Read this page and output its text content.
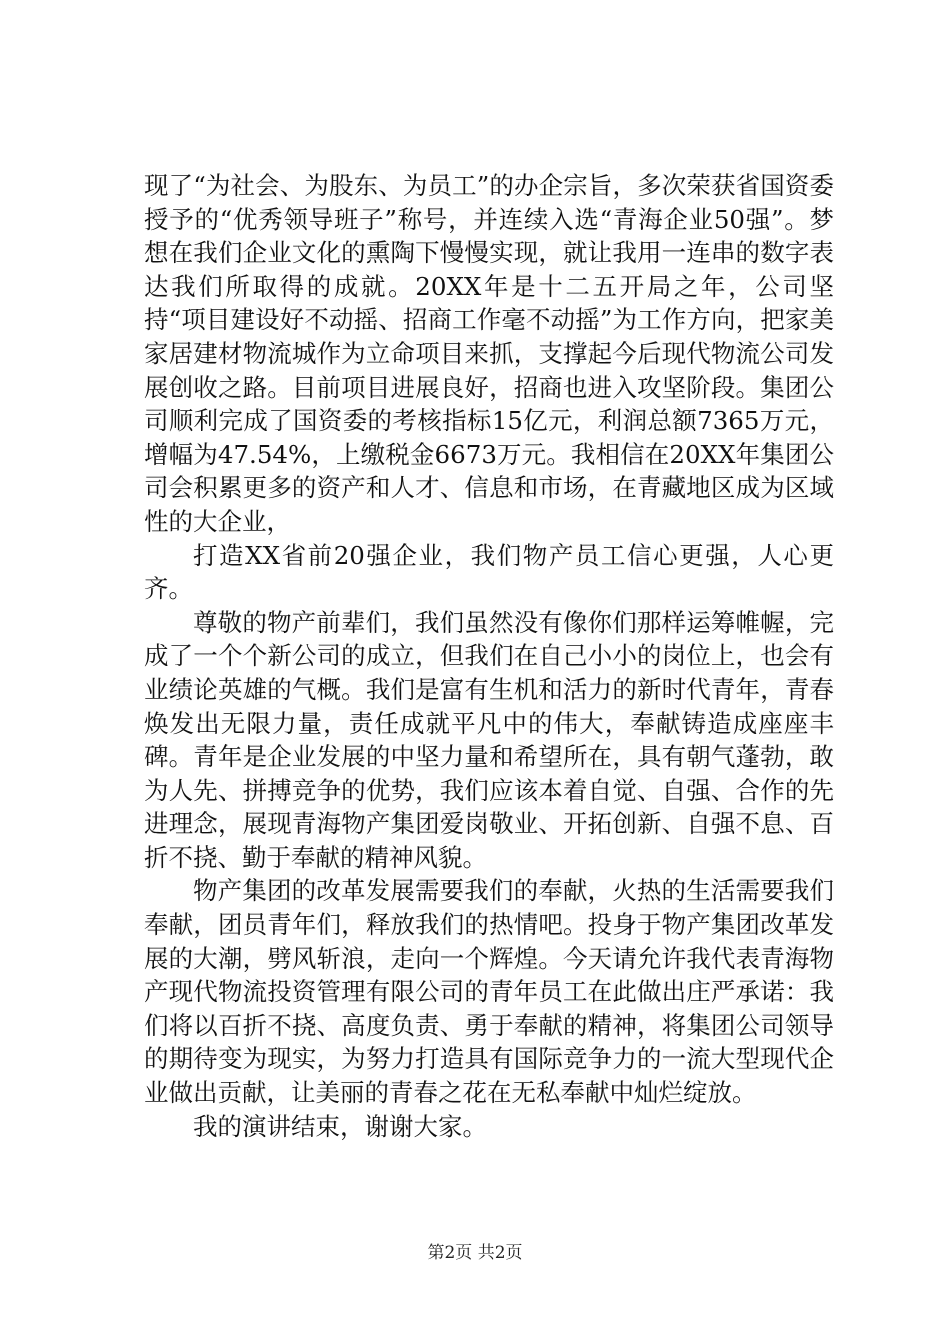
现了“为社会、为股东、为员工”的办企宗旨，多次荣获省国资委授予的“优秀领导班子”称号，并连续入选“青海企业50强”。梦想在我们企业文化的熏陶下慢慢实现，就让我用一连串的数字表达我们所取得的成就。20XX年是十二五开局之年，公司坚持“项目建设好不动摇、招商工作毫不动摇”为工作方向，把家美家居建材物流城作为立命项目来抓，支撑起今后现代物流公司发展创收之路。目前项目进展良好，招商也进入攻坚阶段。集团公司顺利完成了国资委的考核指标15亿元，利润总额7365万元，增幅为47.54%，上缴税金6673万元。我相信在20XX年集团公司会积累更多的资产和人才、信息和市场，在青藏地区成为区域性的大企业，

打造XX省前20强企业，我们物产员工信心更强，人心更齐。

尊敬的物产前辈们，我们虽然没有像你们那样运筹帷幄，完成了一个个新公司的成立，但我们在自己小小的岗位上，也会有业绩论英雄的气概。我们是富有生机和活力的新时代青年，青春焕发出无限力量，责任成就平凡中的伟大，奉献铸造成座座丰碑。青年是企业发展的中坚力量和希望所在，具有朝气蓬勃，敢为人先、拼搏竞争的优势，我们应该本着自觉、自强、合作的先进理念，展现青海物产集团爱岗敬业、开拓创新、自强不息、百折不挠、勤于奉献的精神风貌。

物产集团的改革发展需要我们的奉献，火热的生活需要我们奉献，团员青年们，释放我们的热情吧。投身于物产集团改革发展的大潮，劈风斩浪，走向一个辉煌。今天请允许我代表青海物产现代物流投资管理有限公司的青年员工在此做出庄严承诺：我们将以百折不挠、高度负责、勇于奉献的精神，将集团公司领导的期待变为现实，为努力打造具有国际竞争力的一流大型现代企业做出贡献，让美丽的青春之花在无私奉献中灿烂绽放。

我的演讲结束，谢谢大家。

第2页 共2页
